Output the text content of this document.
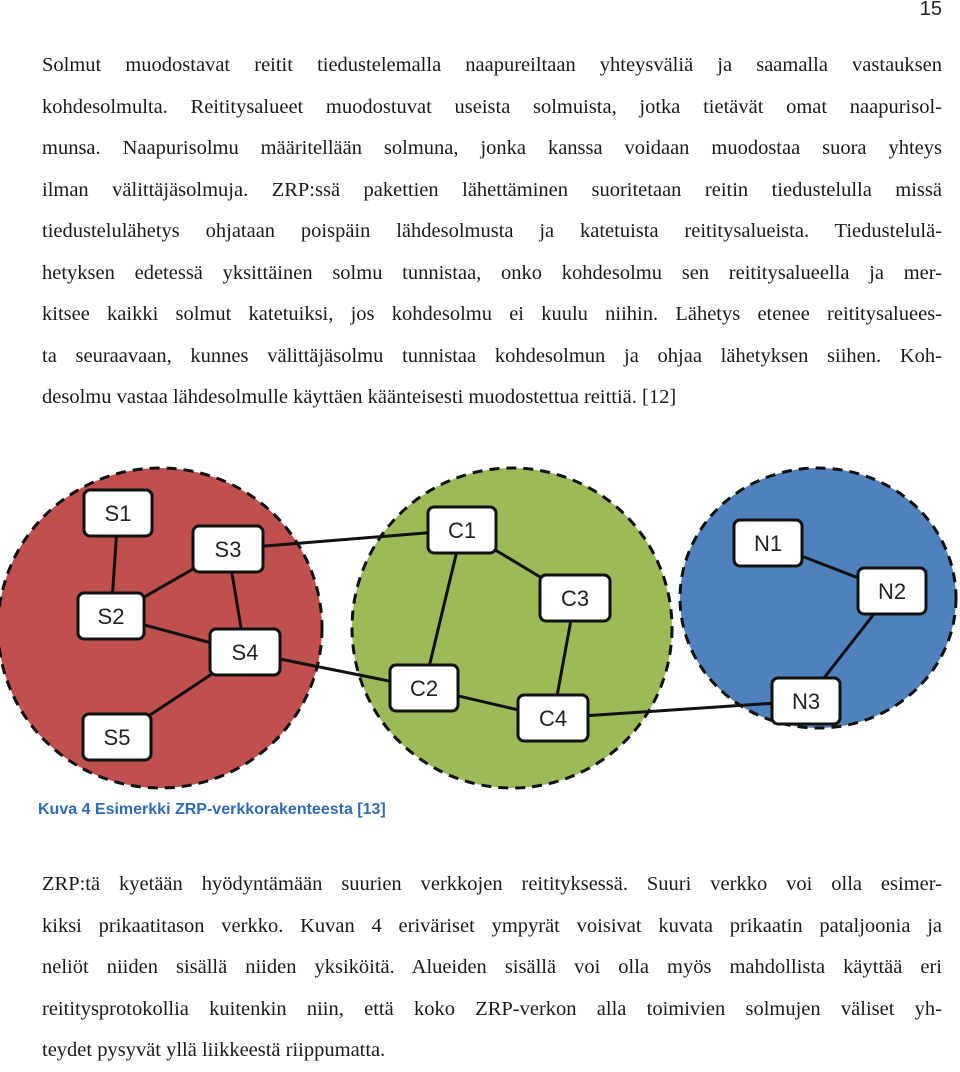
15
Solmut muodostavat reitit tiedustelemalla naapureiltaan yhteysväliä ja saamalla vastauksen
kohdesolmulta. Reititysalueet muodostuvat useista solmuista, jotka tietävät omat naapurisol-
munsa. Naapurisolmu määritellään solmuna, jonka kanssa voidaan muodostaa suora yhteys
ilman välittäjäsolmuja. ZRP:ssä pakettien lähettäminen suoritetaan reitin tiedustelulla missä
tiedustelulähetys ohjataan poispäin lähdesolmusta ja katetuista reititysalueista. Tiedustelulä-
hetyksen edetessä yksittäinen solmu tunnistaa, onko kohdesolmu sen reititysalueella ja mer-
kitsee kaikki solmut katetuiksi, jos kohdesolmu ei kuulu niihin. Lähetys etenee reititysaluees-
ta seuraavaan, kunnes välittäjäsolmu tunnistaa kohdesolmun ja ohjaa lähetyksen siihen. Koh-
desolmu vastaa lähdesolmulle käyttäen käänteisesti muodostettua reittiä. [12]
S1
S2
S3
S4
S5
C1
C2
C3
C4
N1
N2
N3
Kuva 4 Esimerkki ZRP-verkkorakenteesta [13]
ZRP:tä kyetään hyödyntämään suurien verkkojen reitityksessä. Suuri verkko voi olla esimer-
kiksi prikaatitason verkko. Kuvan 4 eriväriset ympyrät voisivat kuvata prikaatin pataljoonia ja
neliöt niiden sisällä niiden yksiköitä. Alueiden sisällä voi olla myös mahdollista käyttää eri
reititysprotokollia kuitenkin niin, että koko ZRP-verkon alla toimivien solmujen väliset yh-
teydet pysyvät yllä liikkeestä riippumatta.
